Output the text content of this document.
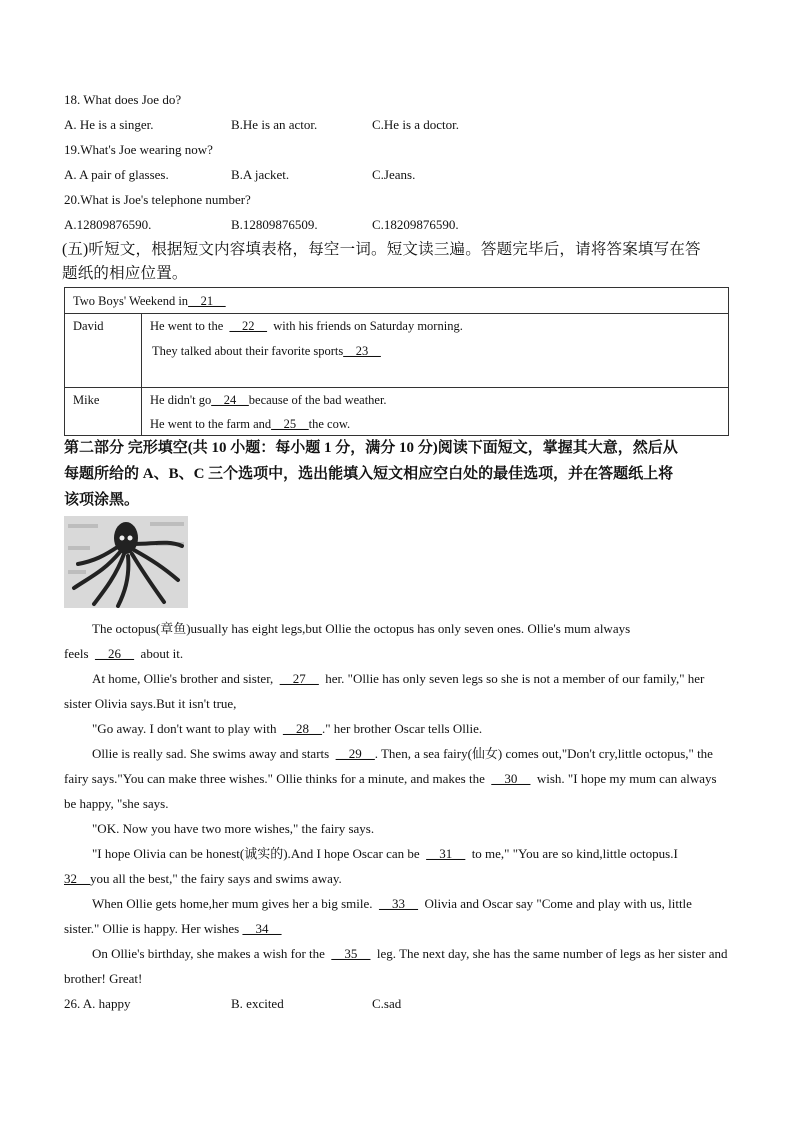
18. What does Joe do?
A. He is a singer.	B.He is an actor.	C.He is a doctor.
19.What's Joe wearing now?
A. A pair of glasses.	B.A jacket.	C.Jeans.
20.What is Joe's telephone number?
A.12809876590.	B.12809876509.	C.18209876590.
(五)听短文，根据短文内容填表格，每空一词。短文读三遍。答题完毕后，请将答案填写在答
题纸的相应位置。
Two Boys' Weekend in__21__
David	He went to the __22__ with his friends on Saturday morning.
They talked about their favorite sports__23__
Mike	He didn't go__24__because of the bad weather.
He went to the farm and__25__the cow.
第二部分 完形填空(共 10 小题：每小题 1 分，满分 10 分)阅读下面短文，掌握其大意，然后从
每题所给的 A、B、C 三个选项中，选出能填入短文相应空白处的最佳选项，并在答题纸上将
该项涂黑。
The octopus(章鱼)usually has eight legs,but Ollie the octopus has only seven ones. Ollie's mum always feels __26__ about it.
At home, Ollie's brother and sister, __27__ her. "Ollie has only seven legs so she is not a member of our family," her sister Olivia says.But it isn't true,
"Go away. I don't want to play with __28__." her brother Oscar tells Ollie.
Ollie is really sad. She swims away and starts __29__. Then, a sea fairy(仙女) comes out,"Don't cry,little octopus," the fairy says."You can make three wishes." Ollie thinks for a minute, and makes the __30__ wish. "I hope my mum can always be happy, "she says.
"OK. Now you have two more wishes," the fairy says.
"I hope Olivia can be honest(诚实的).And I hope Oscar can be __31__ to me," "You are so kind,little octopus.I
32__you all the best," the fairy says and swims away.
When Ollie gets home,her mum gives her a big smile. __33__ Olivia and Oscar say "Come and play with us, little sister." Ollie is happy. Her wishes __34__
On Ollie's birthday, she makes a wish for the __35__ leg. The next day, she has the same number of legs as her sister and brother! Great!
26. A. happy	B. excited	C.sad
